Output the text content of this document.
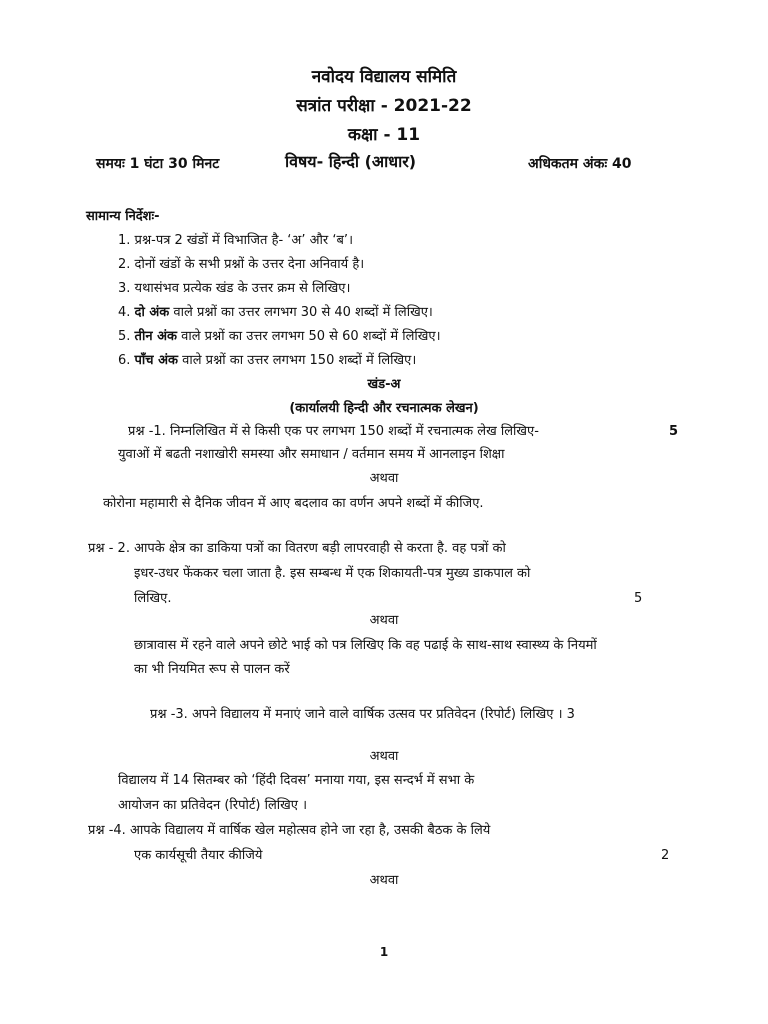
नवोदय विद्यालय समिति
सत्रांत परीक्षा - 2021-22
कक्षा - 11
समयः 1 घंटा 30 मिनट	विषय- हिन्दी (आधार)	अधिकतम अंकः 40
सामान्य निर्देशः-
1. प्रश्न-पत्र 2 खंडों में विभाजित है- ‘अ’ और ‘ब’।
2. दोनों खंडों के सभी प्रश्नों के उत्तर देना अनिवार्य है।
3. यथासंभव प्रत्येक खंड के उत्तर क्रम से लिखिए।
4. दो अंक वाले प्रश्नों का उत्तर लगभग 30 से 40 शब्दों में लिखिए।
5. तीन अंक वाले प्रश्नों का उत्तर लगभग 50 से 60 शब्दों में लिखिए।
6. पाँच अंक वाले प्रश्नों का उत्तर लगभग 150 शब्दों में लिखिए।
खंड-अ
(कार्यालयी हिन्दी और रचनात्मक लेखन)
प्रश्न -1. निम्नलिखित में से किसी एक पर लगभग 150 शब्दों में रचनात्मक लेख लिखिए-	5
युवाओं में बढती नशाखोरी समस्या और समाधान / वर्तमान समय में आनलाइन शिक्षा
अथवा
कोरोना महामारी से दैनिक जीवन में आए बदलाव का वर्णन अपने शब्दों में कीजिए.
प्रश्न - 2. आपके क्षेत्र का डाकिया पत्रों का वितरण बड़ी लापरवाही से करता है. वह पत्रों को
इधर-उधर फेंककर चला जाता है. इस सम्बन्ध में एक शिकायती-पत्र मुख्य डाकपाल को
लिखिए.	5
अथवा
छात्रावास में रहने वाले अपने छोटे भाई को पत्र लिखिए कि वह पढाई के साथ-साथ स्वास्थ्य के नियमों
का भी नियमित रूप से पालन करें
प्रश्न -3. अपने विद्यालय में मनाएं जाने वाले वार्षिक उत्सव पर प्रतिवेदन (रिपोर्ट) लिखिए । 3
अथवा
विद्यालय में 14 सितम्बर को ‘हिंदी दिवस’ मनाया गया, इस सन्दर्भ में सभा के
आयोजन का प्रतिवेदन (रिपोर्ट) लिखिए ।
प्रश्न -4. आपके विद्यालय में वार्षिक खेल महोत्सव होने जा रहा है, उसकी बैठक के लिये
एक कार्यसूची तैयार कीजिये	2
अथवा
1
